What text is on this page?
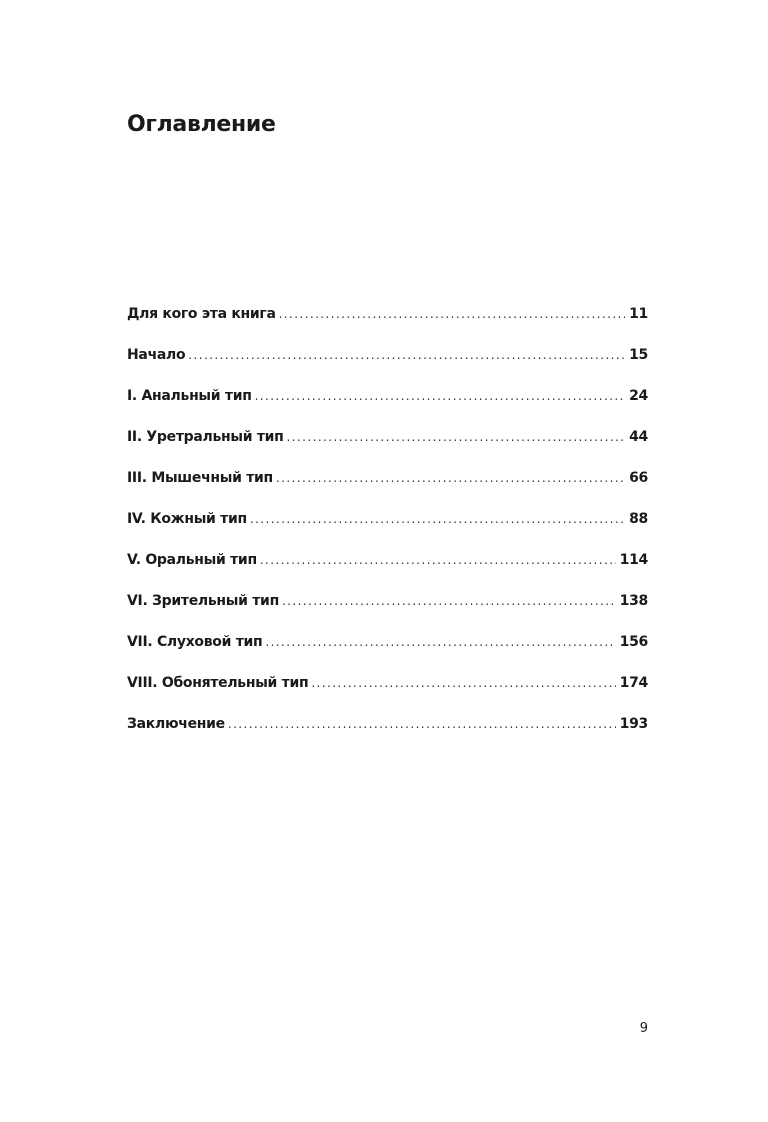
Оглавление
Для кого эта книга .....	11
Начало .....	15
I. Анальный тип .....	24
II. Уретральный тип .....	44
III. Мышечный тип .....	66
IV. Кожный тип .....	88
V. Оральный тип .....	114
VI. Зрительный тип .....	138
VII. Слуховой тип .....	156
VIII. Обонятельный тип .....	174
Заключение .....	193
9
